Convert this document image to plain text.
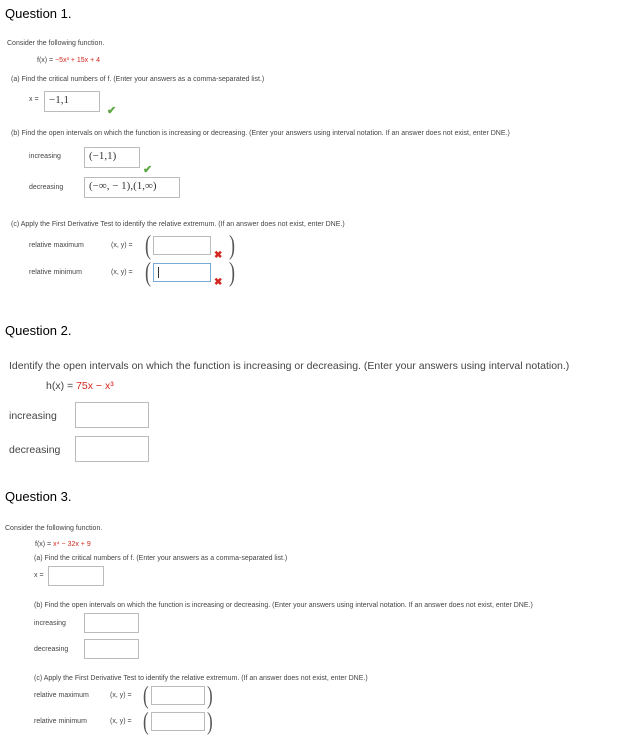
Question 1.
Consider the following function.
f(x) = −5x³ + 15x + 4
(a) Find the critical numbers of f. (Enter your answers as a comma-separated list.)
x = −1,1
✔
(b) Find the open intervals on which the function is increasing or decreasing. (Enter your answers using interval notation. If an answer does not exist, enter DNE.)
increasing	(−1,1)
✔
decreasing	(−∞, − 1),(1,∞)
(c) Apply the First Derivative Test to identify the relative extremum. (If an answer does not exist, enter DNE.)
relative maximum	(x, y) = (	✖ )
relative minimum	(x, y) = (	✖ )
Question 2.
Identify the open intervals on which the function is increasing or decreasing. (Enter your answers using interval notation.)
h(x) = 75x − x³
increasing
decreasing
Question 3.
Consider the following function.
f(x) = x⁴ − 32x + 9
(a) Find the critical numbers of f. (Enter your answers as a comma-separated list.)
x =
(b) Find the open intervals on which the function is increasing or decreasing. (Enter your answers using interval notation. If an answer does not exist, enter DNE.)
increasing
decreasing
(c) Apply the First Derivative Test to identify the relative extremum. (If an answer does not exist, enter DNE.)
relative maximum	(x, y) = (	)
relative minimum	(x, y) = (	)
